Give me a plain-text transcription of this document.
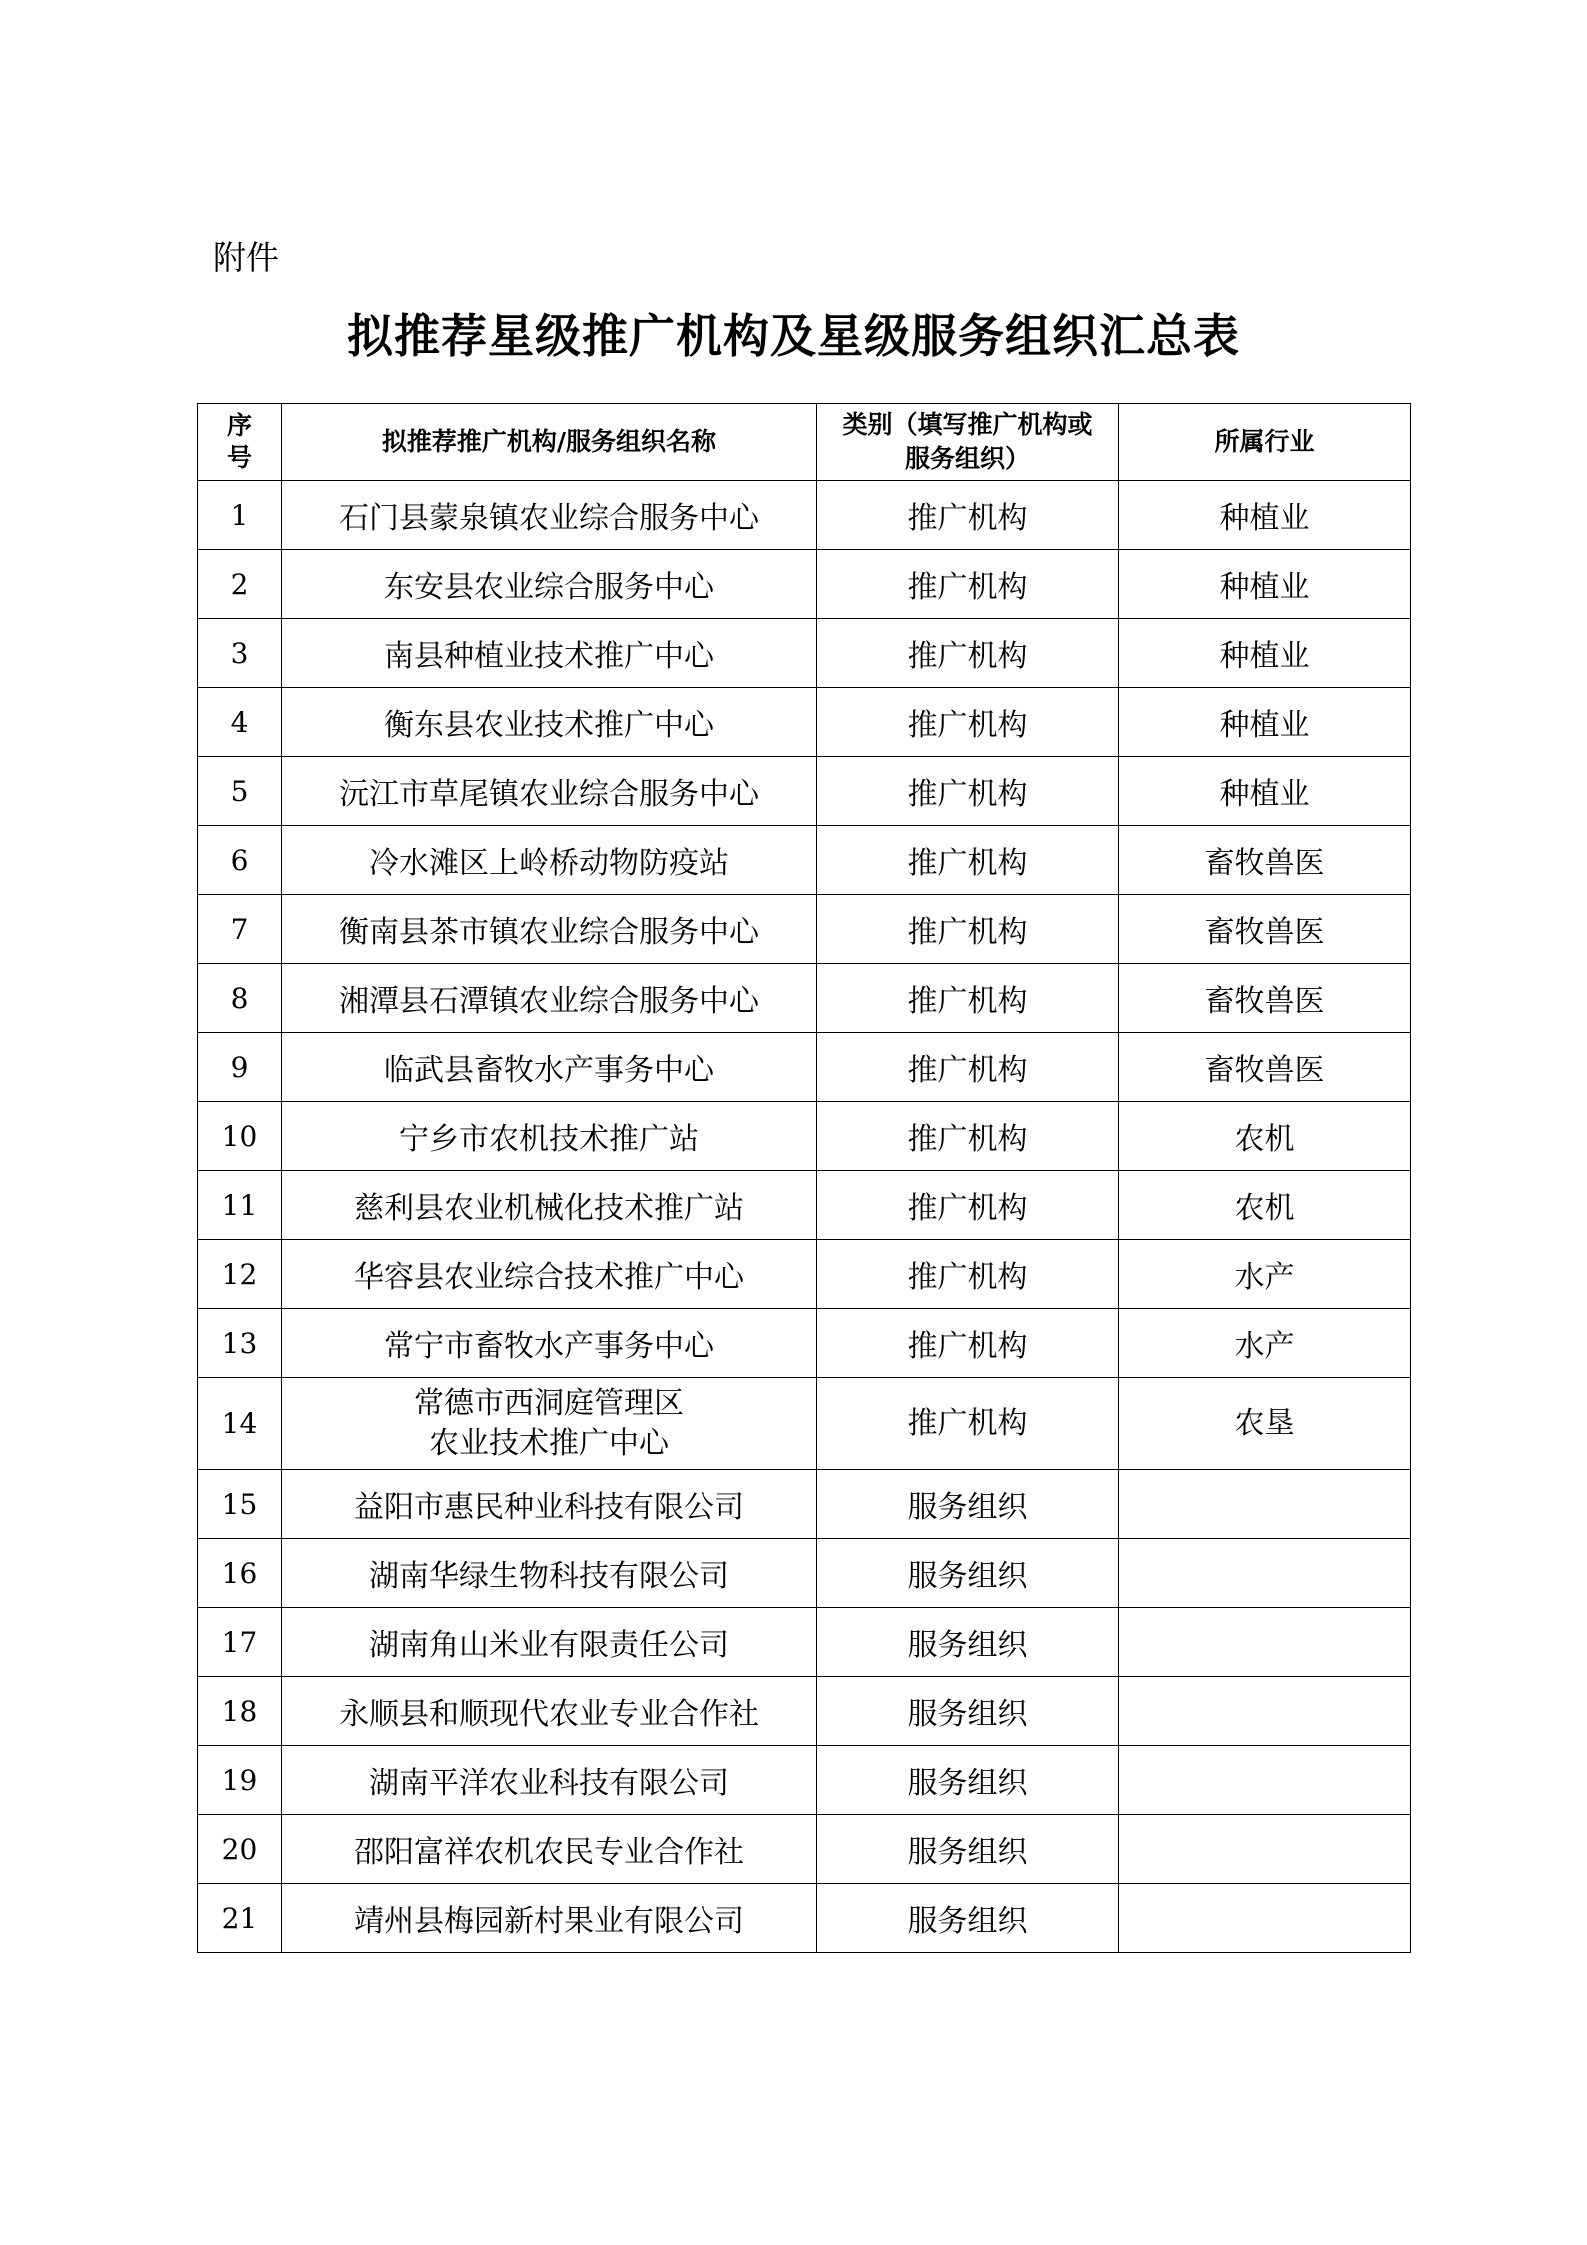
附件
拟推荐星级推广机构及星级服务组织汇总表
序号	拟推荐推广机构/服务组织名称	类别（填写推广机构或服务组织）	所属行业
1	石门县蒙泉镇农业综合服务中心	推广机构	种植业
2	东安县农业综合服务中心	推广机构	种植业
3	南县种植业技术推广中心	推广机构	种植业
4	衡东县农业技术推广中心	推广机构	种植业
5	沅江市草尾镇农业综合服务中心	推广机构	种植业
6	冷水滩区上岭桥动物防疫站	推广机构	畜牧兽医
7	衡南县茶市镇农业综合服务中心	推广机构	畜牧兽医
8	湘潭县石潭镇农业综合服务中心	推广机构	畜牧兽医
9	临武县畜牧水产事务中心	推广机构	畜牧兽医
10	宁乡市农机技术推广站	推广机构	农机
11	慈利县农业机械化技术推广站	推广机构	农机
12	华容县农业综合技术推广中心	推广机构	水产
13	常宁市畜牧水产事务中心	推广机构	水产
14	常德市西洞庭管理区农业技术推广中心	推广机构	农垦
15	益阳市惠民种业科技有限公司	服务组织	
16	湖南华绿生物科技有限公司	服务组织	
17	湖南角山米业有限责任公司	服务组织	
18	永顺县和顺现代农业专业合作社	服务组织	
19	湖南平洋农业科技有限公司	服务组织	
20	邵阳富祥农机农民专业合作社	服务组织	
21	靖州县梅园新村果业有限公司	服务组织	
